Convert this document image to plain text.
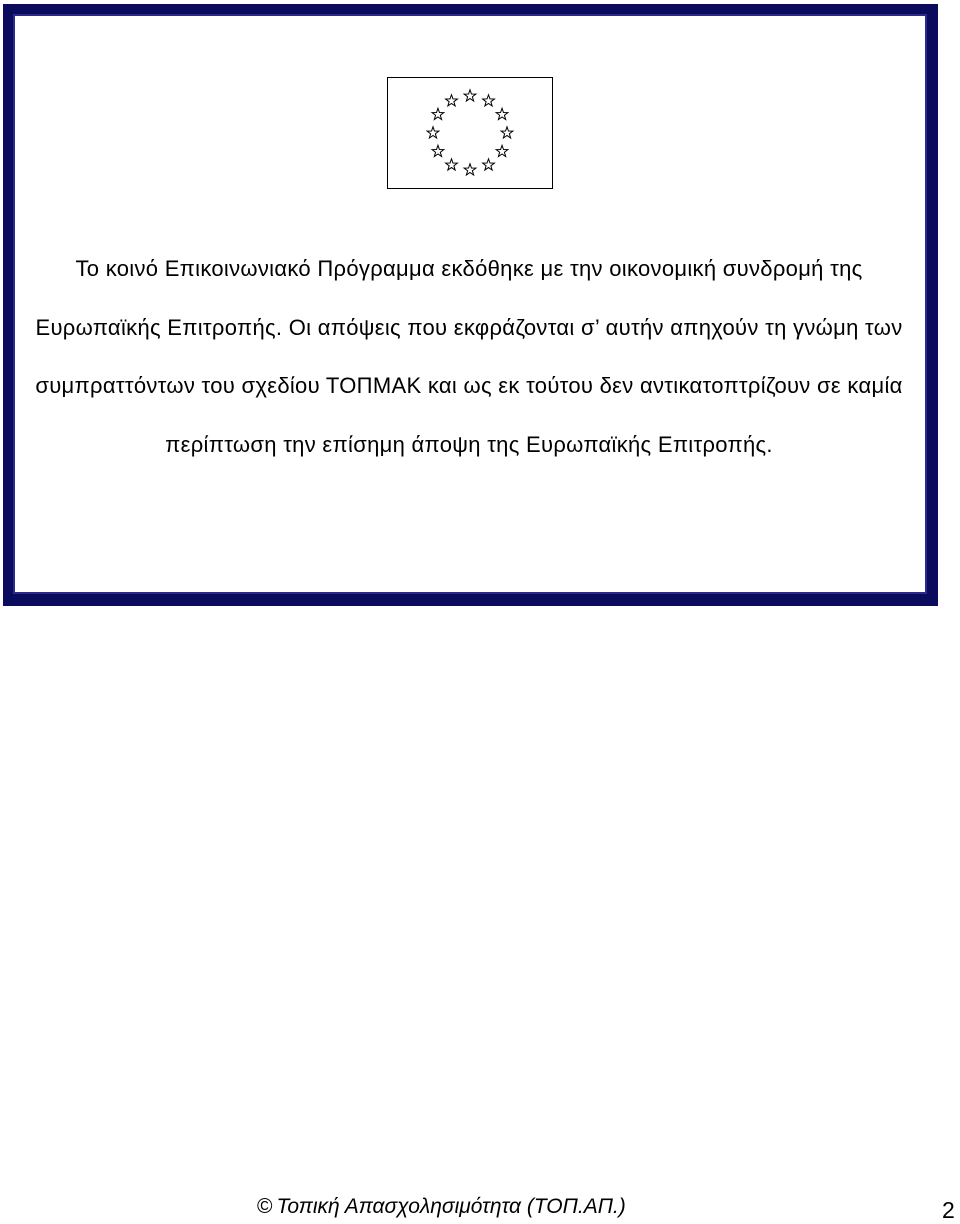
Το κοινό Επικοινωνιακό Πρόγραμμα εκδόθηκε με την οικονομική συνδρομή της Ευρωπαϊκής Επιτροπής. Οι απόψεις που εκφράζονται σ’ αυτήν απηχούν τη γνώμη των συμπραττόντων του σχεδίου ΤΟΠΜΑΚ και ως εκ τούτου δεν αντικατοπτρίζουν σε καμία περίπτωση την επίσημη άποψη της Ευρωπαϊκής Επιτροπής.

© Τοπική Απασχολησιμότητα (ΤΟΠ.ΑΠ.)	2
